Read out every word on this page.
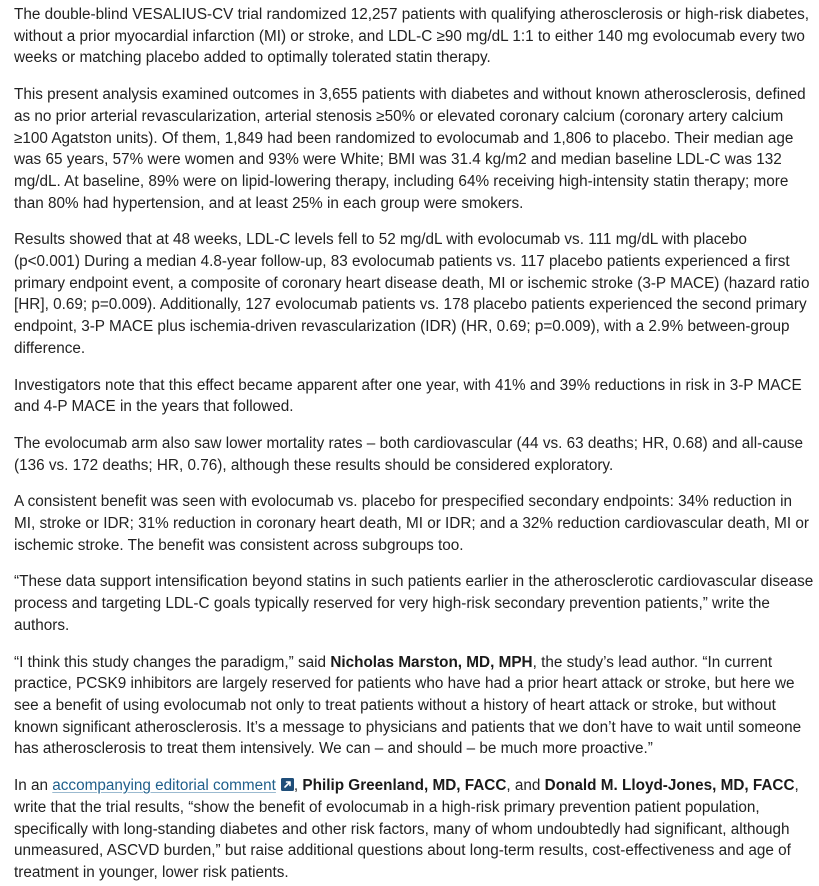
The double-blind VESALIUS-CV trial randomized 12,257 patients with qualifying atherosclerosis or high-risk diabetes, without a prior myocardial infarction (MI) or stroke, and LDL-C ≥90 mg/dL 1:1 to either 140 mg evolocumab every two weeks or matching placebo added to optimally tolerated statin therapy.

This present analysis examined outcomes in 3,655 patients with diabetes and without known atherosclerosis, defined as no prior arterial revascularization, arterial stenosis ≥50% or elevated coronary calcium (coronary artery calcium ≥100 Agatston units). Of them, 1,849 had been randomized to evolocumab and 1,806 to placebo. Their median age was 65 years, 57% were women and 93% were White; BMI was 31.4 kg/m2 and median baseline LDL-C was 132 mg/dL. At baseline, 89% were on lipid-lowering therapy, including 64% receiving high-intensity statin therapy; more than 80% had hypertension, and at least 25% in each group were smokers.

Results showed that at 48 weeks, LDL-C levels fell to 52 mg/dL with evolocumab vs. 111 mg/dL with placebo (p<0.001) During a median 4.8-year follow-up, 83 evolocumab patients vs. 117 placebo patients experienced a first primary endpoint event, a composite of coronary heart disease death, MI or ischemic stroke (3-P MACE) (hazard ratio [HR], 0.69; p=0.009). Additionally, 127 evolocumab patients vs. 178 placebo patients experienced the second primary endpoint, 3-P MACE plus ischemia-driven revascularization (IDR) (HR, 0.69; p=0.009), with a 2.9% between-group difference.

Investigators note that this effect became apparent after one year, with 41% and 39% reductions in risk in 3-P MACE and 4-P MACE in the years that followed.

The evolocumab arm also saw lower mortality rates – both cardiovascular (44 vs. 63 deaths; HR, 0.68) and all-cause (136 vs. 172 deaths; HR, 0.76), although these results should be considered exploratory.

A consistent benefit was seen with evolocumab vs. placebo for prespecified secondary endpoints: 34% reduction in MI, stroke or IDR; 31% reduction in coronary heart death, MI or IDR; and a 32% reduction cardiovascular death, MI or ischemic stroke. The benefit was consistent across subgroups too.

“These data support intensification beyond statins in such patients earlier in the atherosclerotic cardiovascular disease process and targeting LDL-C goals typically reserved for very high-risk secondary prevention patients,” write the authors.

“I think this study changes the paradigm,” said Nicholas Marston, MD, MPH, the study’s lead author. “In current practice, PCSK9 inhibitors are largely reserved for patients who have had a prior heart attack or stroke, but here we see a benefit of using evolocumab not only to treat patients without a history of heart attack or stroke, but without known significant atherosclerosis. It’s a message to physicians and patients that we don’t have to wait until someone has atherosclerosis to treat them intensively. We can – and should – be much more proactive.”

In an accompanying editorial comment , Philip Greenland, MD, FACC, and Donald M. Lloyd-Jones, MD, FACC, write that the trial results, “show the benefit of evolocumab in a high-risk primary prevention patient population, specifically with long-standing diabetes and other risk factors, many of whom undoubtedly had significant, although unmeasured, ASCVD burden,” but raise additional questions about long-term results, cost-effectiveness and age of treatment in younger, lower risk patients.
